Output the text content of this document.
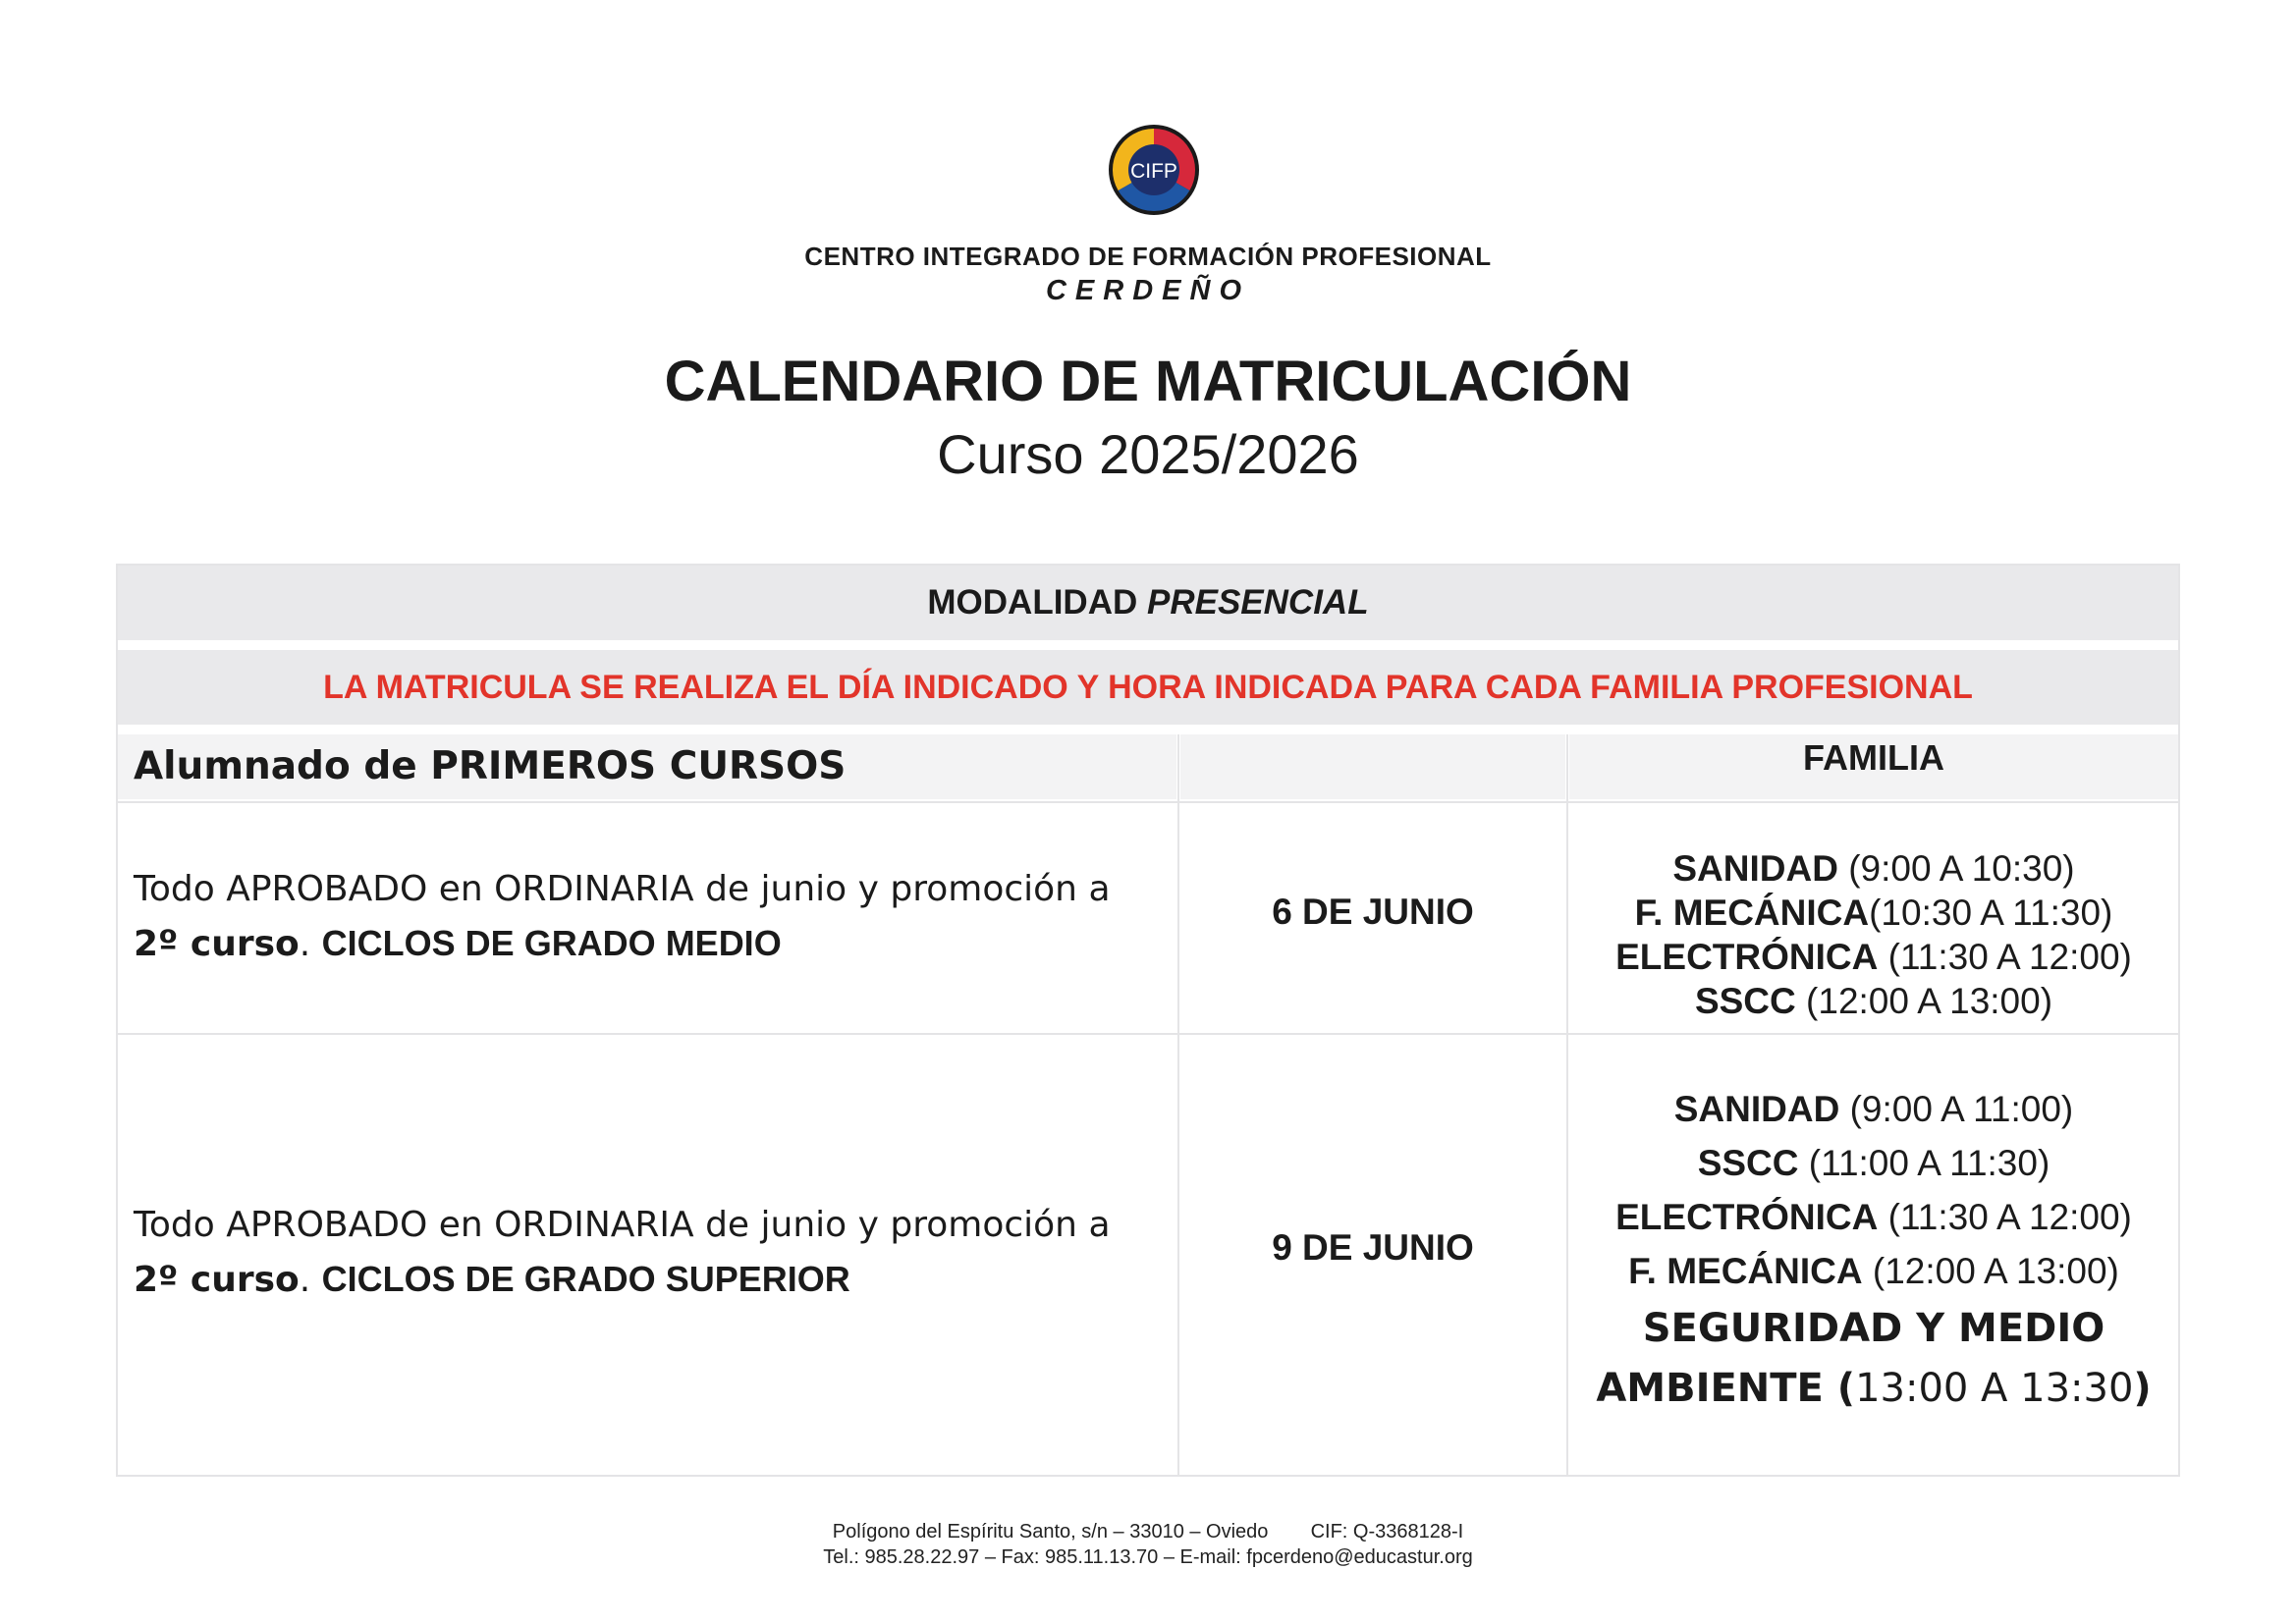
CIFP
CENTRO INTEGRADO DE FORMACIÓN PROFESIONAL
CERDEÑO
CALENDARIO DE MATRICULACIÓN
Curso 2025/2026
MODALIDAD PRESENCIAL
LA MATRICULA SE REALIZA EL DÍA INDICADO Y HORA INDICADA PARA CADA FAMILIA PROFESIONAL
Alumnado de PRIMEROS CURSOS	FAMILIA
Todo APROBADO en ORDINARIA de junio y promoción a
2º curso. CICLOS DE GRADO MEDIO
6 DE JUNIO
SANIDAD (9:00 A 10:30)
F. MECÁNICA(10:30 A 11:30)
ELECTRÓNICA (11:30 A 12:00)
SSCC (12:00 A 13:00)
Todo APROBADO en ORDINARIA de junio y promoción a
2º curso. CICLOS DE GRADO SUPERIOR
9 DE JUNIO
SANIDAD (9:00 A 11:00)
SSCC (11:00 A 11:30)
ELECTRÓNICA (11:30 A 12:00)
F. MECÁNICA (12:00 A 13:00)
SEGURIDAD Y MEDIO
AMBIENTE (13:00 A 13:30)
Polígono del Espíritu Santo, s/n – 33010 – Oviedo CIF: Q-3368128-I
Tel.: 985.28.22.97 – Fax: 985.11.13.70 – E-mail: fpcerdeno@educastur.org
